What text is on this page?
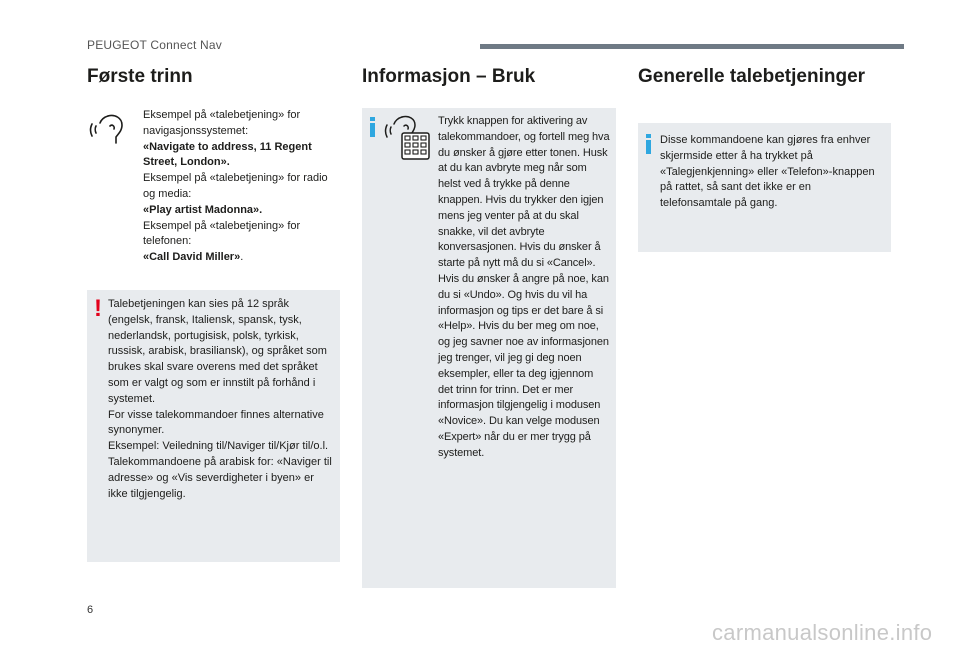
PEUGEOT Connect Nav
Første trinn

Eksempel på «talebetjening» for navigasjonssystemet:

«Navigate to address, 11 Regent Street, London».

Eksempel på «talebetjening» for radio og media:

«Play artist Madonna».

Eksempel på «talebetjening» for telefonen:

«Call David Miller».

! Talebetjeningen kan sies på 12 språk (engelsk, fransk, Italiensk, spansk, tysk, nederlandsk, portugisisk, polsk, tyrkisk, russisk, arabisk, brasiliansk), og språket som brukes skal svare overens med det språket som er valgt og som er innstilt på forhånd i systemet.

For visse talekommandoer finnes alternative synonymer.

Eksempel: Veiledning til/Naviger til/Kjør til/o.l.

Talekommandoene på arabisk for: «Naviger til adresse» og «Vis severdigheter i byen» er ikke tilgjengelig.

Informasjon – Bruk
Trykk knappen for aktivering av talekommandoer, og fortell meg hva du ønsker å gjøre etter tonen. Husk at du kan avbryte meg når som helst ved å trykke på denne knappen. Hvis du trykker den igjen mens jeg venter på at du skal snakke, vil det avbryte konversasjonen. Hvis du ønsker å starte på nytt må du si «Cancel». Hvis du ønsker å angre på noe, kan du si «Undo». Og hvis du vil ha informasjon og tips er det bare å si «Help». Hvis du ber meg om noe, og jeg savner noe av informasjonen jeg trenger, vil jeg gi deg noen eksempler, eller ta deg igjennom det trinn for trinn. Det er mer informasjon tilgjengelig i modusen «Novice». Du kan velge modusen «Expert» når du er mer trygg på systemet.
Generelle talebetjeninger
Disse kommandoene kan gjøres fra enhver skjermside etter å ha trykket på «Talegjenkjenning» eller «Telefon»-knappen på rattet, så sant det ikke er en telefonsamtale på gang.
6
carmanualsonline.info
